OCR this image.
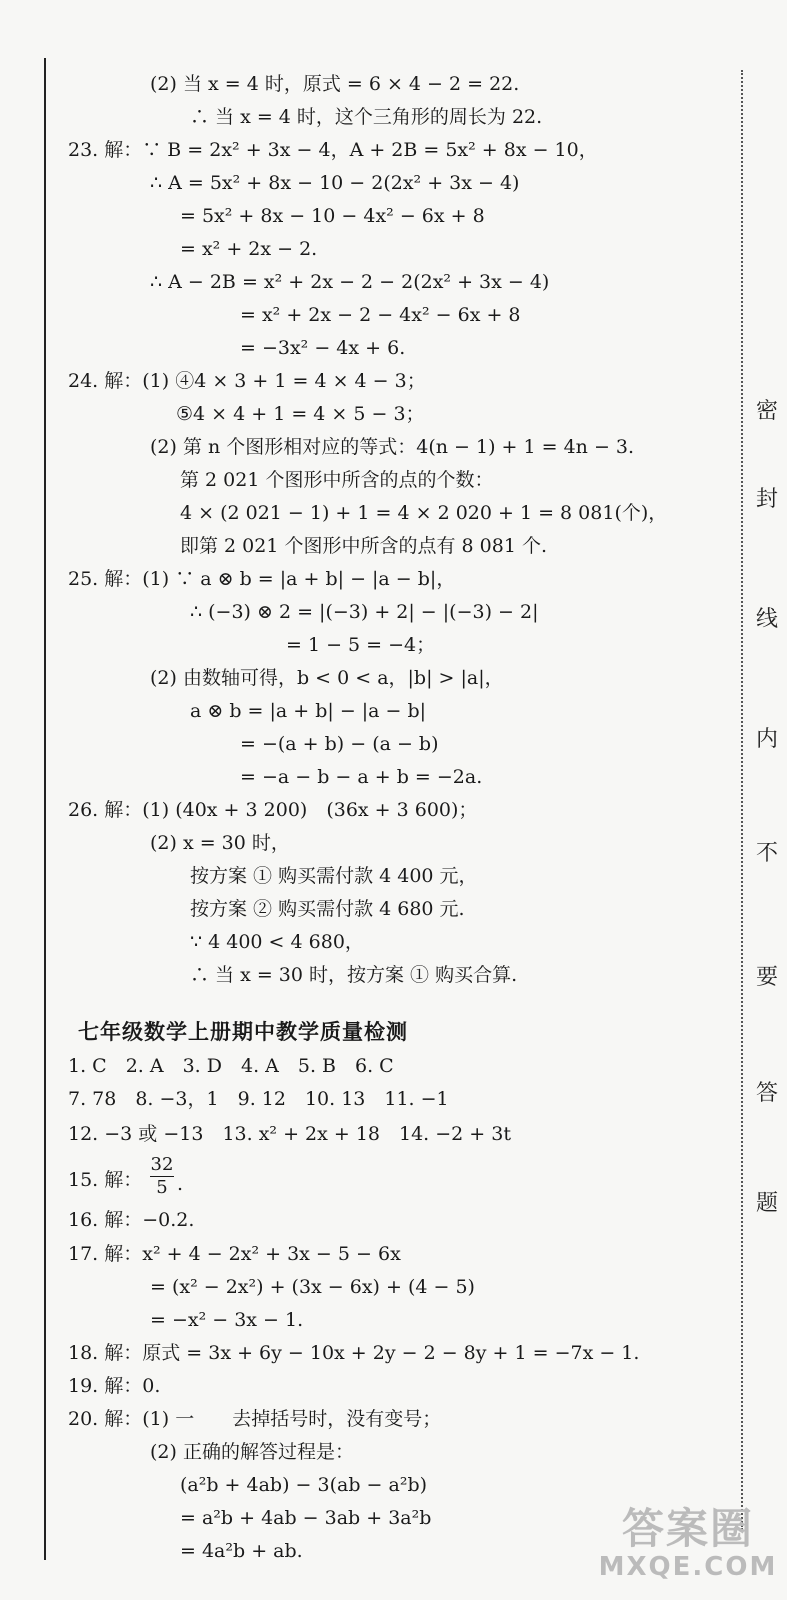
密
封
线
内
不
要
答
题
(2) 当 x = 4 时，原式 = 6 × 4 − 2 = 22.
∴ 当 x = 4 时，这个三角形的周长为 22.
23. 解：∵ B = 2x² + 3x − 4，A + 2B = 5x² + 8x − 10，
∴ A = 5x² + 8x − 10 − 2(2x² + 3x − 4)
= 5x² + 8x − 10 − 4x² − 6x + 8
= x² + 2x − 2.
∴ A − 2B = x² + 2x − 2 − 2(2x² + 3x − 4)
= x² + 2x − 2 − 4x² − 6x + 8
= −3x² − 4x + 6.
24. 解：(1) ④4 × 3 + 1 = 4 × 4 − 3；
⑤4 × 4 + 1 = 4 × 5 − 3；
(2) 第 n 个图形相对应的等式：4(n − 1) + 1 = 4n − 3.
第 2 021 个图形中所含的点的个数：
4 × (2 021 − 1) + 1 = 4 × 2 020 + 1 = 8 081(个)，
即第 2 021 个图形中所含的点有 8 081 个.
25. 解：(1) ∵ a ⊗ b = |a + b| − |a − b|，
∴ (−3) ⊗ 2 = |(−3) + 2| − |(−3) − 2|
= 1 − 5 = −4；
(2) 由数轴可得，b < 0 < a，|b| > |a|，
a ⊗ b = |a + b| − |a − b|
= −(a + b) − (a − b)
= −a − b − a + b = −2a.
26. 解：(1) (40x + 3 200)　(36x + 3 600)；
(2) x = 30 时，
按方案 ① 购买需付款 4 400 元，
按方案 ② 购买需付款 4 680 元.
∵ 4 400 < 4 680，
∴ 当 x = 30 时，按方案 ① 购买合算.
七年级数学上册期中教学质量检测
1. C　2. A　3. D　4. A　5. B　6. C
7. 78　8. −3，1　9. 12　10. 13　11. −1
12. −3 或 −13　13. x² + 2x + 18　14. −2 + 3t
15. 解： $\frac{32}{5}$ .
16. 解：−0.2.
17. 解：x² + 4 − 2x² + 3x − 5 − 6x
= (x² − 2x²) + (3x − 6x) + (4 − 5)
= −x² − 3x − 1.
18. 解：原式 = 3x + 6y − 10x + 2y − 2 − 8y + 1 = −7x − 1.
19. 解：0.
20. 解：(1) 一　　去掉括号时，没有变号；
(2) 正确的解答过程是：
(a²b + 4ab) − 3(ab − a²b)
= a²b + 4ab − 3ab + 3a²b
= 4a²b + ab.	答案圈
MXQE.COM
